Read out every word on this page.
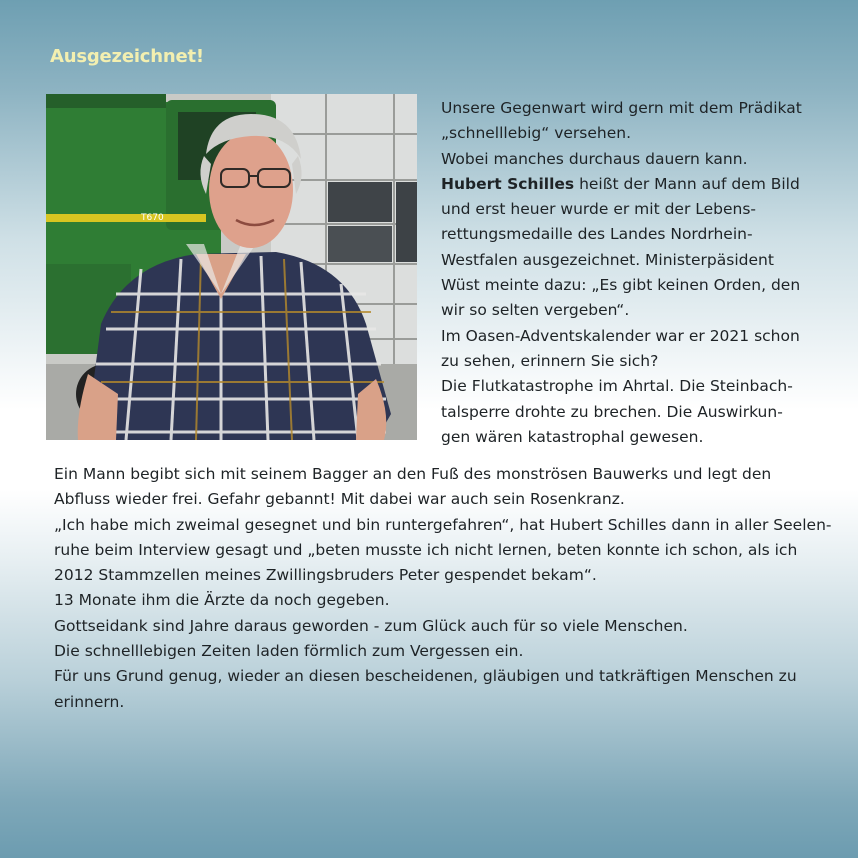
Ausgezeichnet!
T670
Unsere Gegenwart wird gern mit dem Prädikat
„schnelllebig“ versehen.
Wobei manches durchaus dauern kann.
Hubert Schilles heißt der Mann auf dem Bild
und erst heuer wurde er mit der Lebens-
rettungsmedaille des Landes Nordrhein-
Westfalen ausgezeichnet. Ministerpäsident
Wüst meinte dazu: „Es gibt keinen Orden, den
wir so selten vergeben“.
Im Oasen-Adventskalender war er 2021 schon
zu sehen, erinnern Sie sich?
Die Flutkatastrophe im Ahrtal. Die Steinbach-
talsperre drohte zu brechen. Die Auswirkun-
gen wären katastrophal gewesen.
Ein Mann begibt sich mit seinem Bagger an den Fuß des monströsen Bauwerks und legt den
Abfluss wieder frei. Gefahr gebannt! Mit dabei war auch sein Rosenkranz.
„Ich habe mich zweimal gesegnet und bin runtergefahren“, hat Hubert Schilles dann in aller Seelen-
ruhe beim Interview gesagt und „beten musste ich nicht lernen, beten konnte ich schon, als ich
2012 Stammzellen meines Zwillingsbruders Peter gespendet bekam“.
13 Monate ihm die Ärzte da noch gegeben.
Gottseidank sind Jahre daraus geworden - zum Glück auch für so viele Menschen.
Die schnelllebigen Zeiten laden förmlich zum Vergessen ein.
Für uns Grund genug, wieder an diesen bescheidenen, gläubigen und tatkräftigen Menschen zu
erinnern.
